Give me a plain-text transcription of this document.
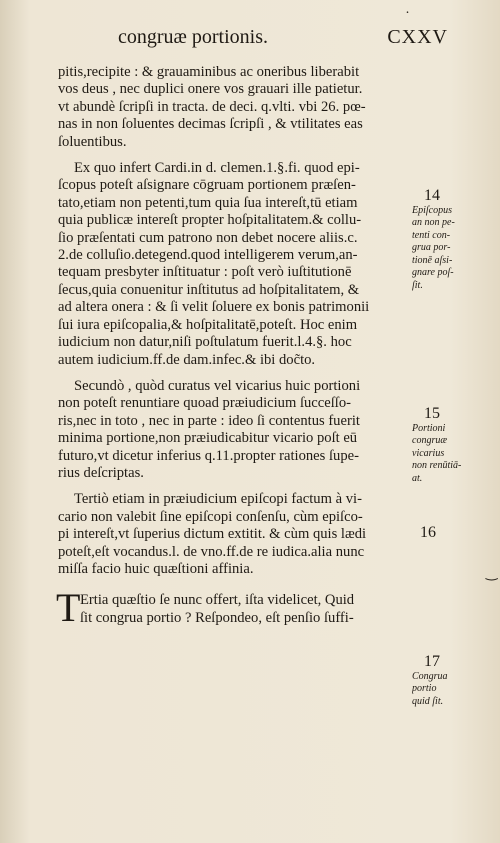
congruæ portionis.	CXXV
pitis,recipite : & grauaminibus ac oneribus liberabit
vos deus , nec duplici onere vos grauari ille patietur.
vt abundè ſcripſi in tracta. de deci. q.vlti. vbi 26. pœ-
nas in non ſoluentes decimas ſcripſi , & vtilitates eas
ſoluentibus.
Ex quo infert Cardi.in d. clemen.1.§.fi. quod epi-
ſcopus poteſt aſsignare cōgruam portionem præſen-
tato,etiam non petenti,tum quia ſua intereſt,tū etiam
quia publicæ intereſt propter hoſpitalitatem.& collu-
ſio præſentati cum patrono non debet nocere aliis.c.
2.de colluſio.detegend.quod intelligerem verum,an-
tequam presbyter inſtituatur : poſt verò iuſtitutionē
ſecus,quia conuenitur inſtitutus ad hoſpitalitatem, &
ad altera onera : & ſi velit ſoluere ex bonis patrimonii
ſui iura epiſcopalia,& hoſpitalitatē,poteſt. Hoc enim
iudicium non datur,niſi poſtulatum fuerit.l.4.§. hoc
autem iudicium.ff.de dam.infec.& ibi doc̃to.
Secundò , quòd curatus vel vicarius huic portioni
non poteſt renuntiare quoad præiudicium ſucceſſo-
ris,nec in toto , nec in parte : ideo ſi contentus fuerit
minima portione,non præiudicabitur vicario poſt eū
futuro,vt dicetur inferius q.11.propter rationes ſupe-
rius deſcriptas.
Tertiò etiam in præiudicium epiſcopi factum à vi-
cario non valebit ſine epiſcopi conſenſu, cùm epiſco-
pi intereſt,vt ſuperius dictum extitit. & cùm quis lædi
poteſt,eſt vocandus.l. de vno.ff.de re iudica.alia nunc
miſſa facio huic quæſtioni affinia.
T Ertia quæſtio ſe nunc offert, iſta videlicet, Quid
ſit congrua portio ? Reſpondeo, eſt penſio ſuffi-
14
Epiſcopus
an non pe-
tenti con-
grua por-
tionē aſsi-
gnare poſ-
ſit.
15
Portioni
congruæ
vicarius
non renūtiā-
at.
16
17
Congrua
portio
quid ſit.
˙
‿
